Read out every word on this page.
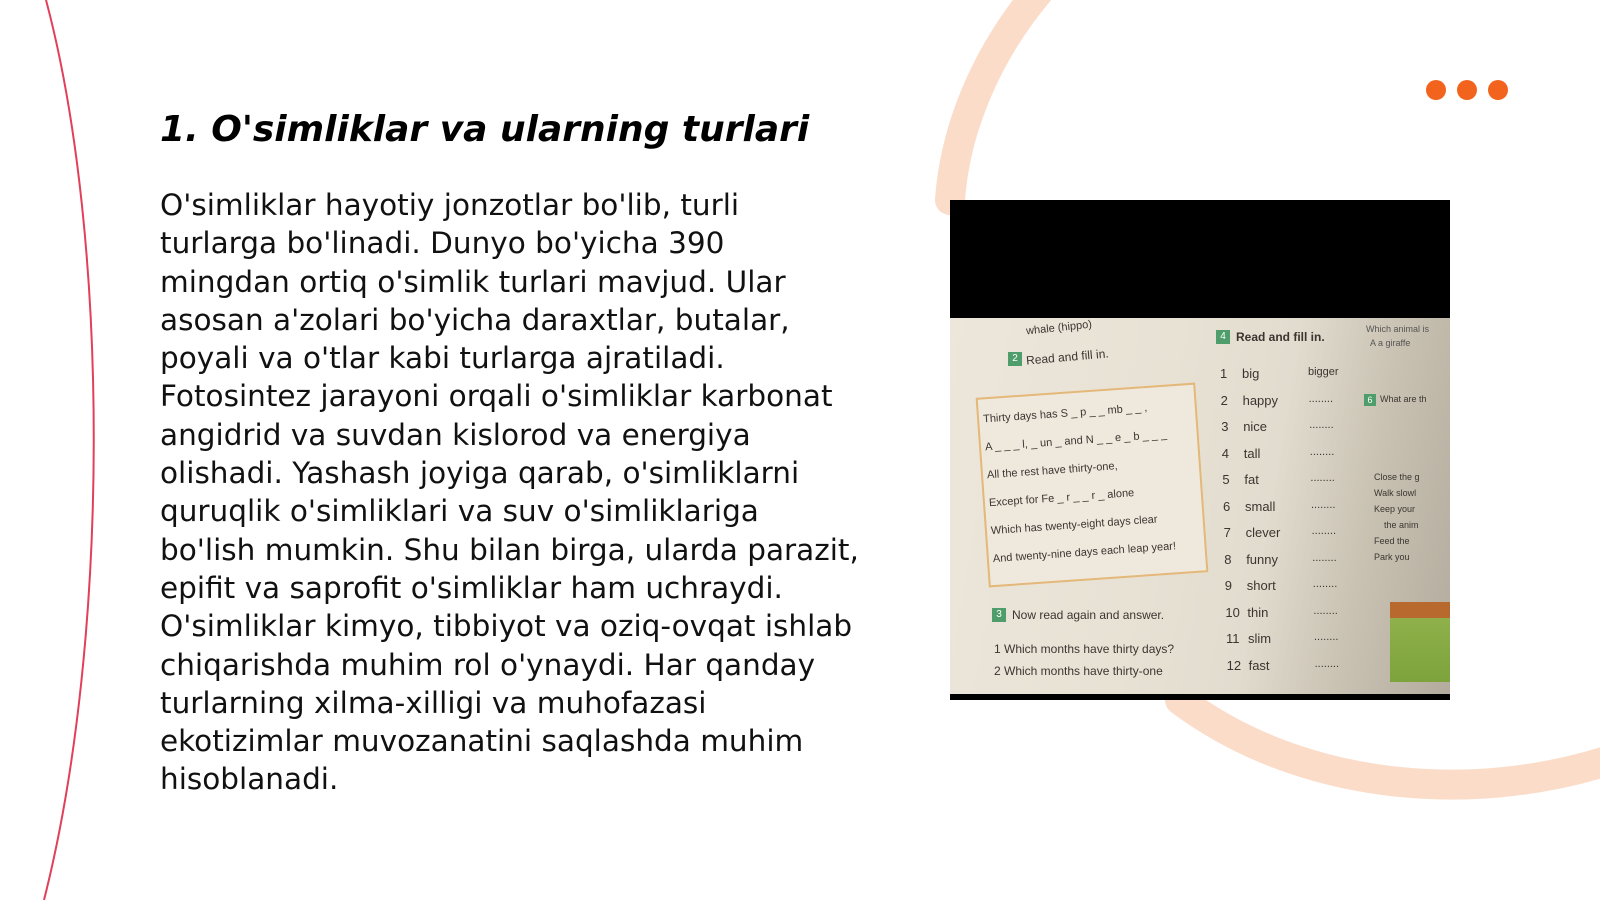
1. O'simliklar va ularning turlari

O'simliklar hayotiy jonzotlar bo'lib, turli turlarga bo'linadi. Dunyo bo'yicha 390 mingdan ortiq o'simlik turlari mavjud. Ular asosan a'zolari bo'yicha daraxtlar, butalar, poyali va o'tlar kabi turlarga ajratiladi. Fotosintez jarayoni orqali o'simliklar karbonat angidrid va suvdan kislorod va energiya olishadi. Yashash joyiga qarab, o'simliklarni quruqlik o'simliklari va suv o'simliklariga bo'lish mumkin. Shu bilan birga, ularda parazit, epifit va saprofit o'simliklar ham uchraydi. O'simliklar kimyo, tibbiyot va oziq-ovqat ishlab chiqarishda muhim rol o'ynaydi. Har qanday turlarning xilma-xilligi va muhofazasi ekotizimlar muvozanatini saqlashda muhim hisoblanadi.

whale (hippo)
2 Read and fill in.
Thirty days has S _ p _ _ mb _ _ ,
A _ _ _ l, _ un _ and N _ _ e _ b _ _ _
All the rest have thirty-one,
Except for Fe _ r _ _ r _ alone
Which has twenty-eight days clear
And twenty-nine days each leap year!
3 Now read again and answer.
1 Which months have thirty days?
2 Which months have thirty-one
4 Read and fill in.
1 big	bigger
2 happy	........
3 nice	........
4 tall	........
5 fat	........
6 small	........
7 clever	........
8 funny	........
9 short	........
10 thin	........
11 slim	........
12 fast	........
Which animal is
A a giraffe
6 What are th
Close the g
Walk slowl
Keep your
the anim
Feed the
Park you
